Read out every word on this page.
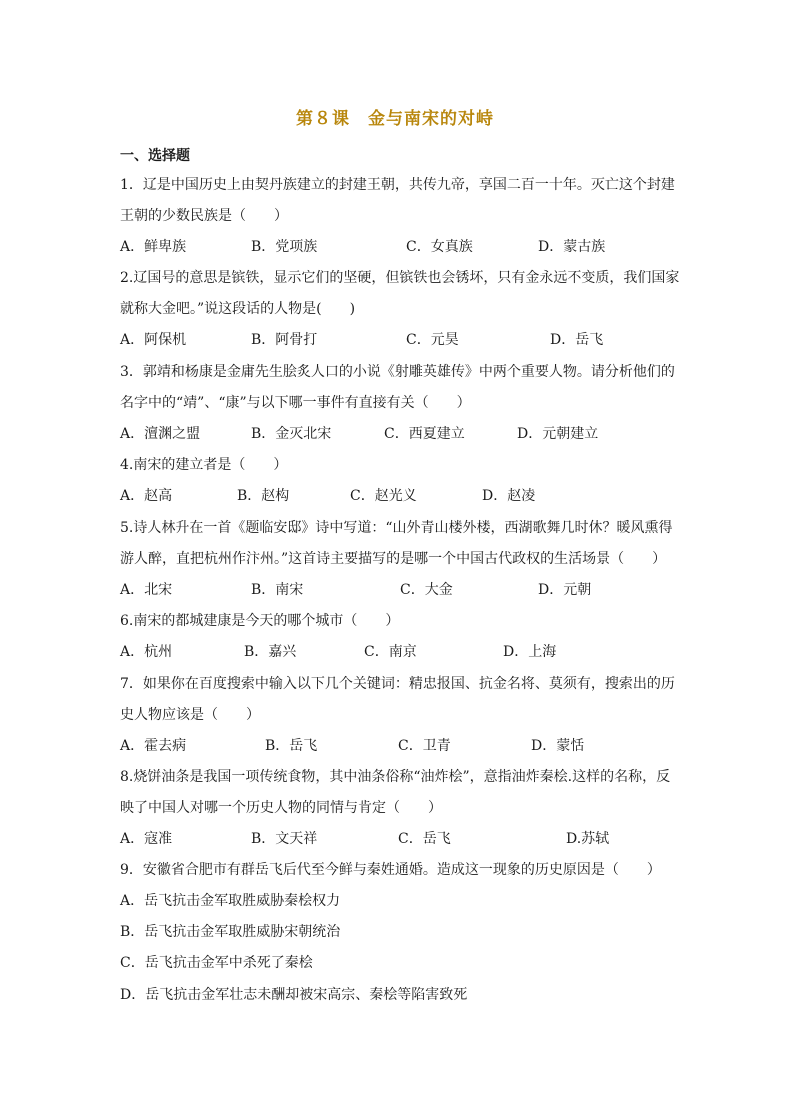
第８课　金与南宋的对峙
一、选择题
1．辽是中国历史上由契丹族建立的封建王朝，共传九帝，享国二百一十年。灭亡这个封建王朝的少数民族是（　　）
A．鲜卑族	B．党项族	C．女真族	D．蒙古族
2.辽国号的意思是镔铁，显示它们的坚硬，但镔铁也会锈坏，只有金永远不变质，我们国家就称大金吧。”说这段话的人物是(　　)
A．阿保机	B．阿骨打	C．元昊	D．岳飞
3．郭靖和杨康是金庸先生脍炙人口的小说《射雕英雄传》中两个重要人物。请分析他们的名字中的“靖”、“康”与以下哪一事件有直接有关（　　）
A．澶渊之盟	B．金灭北宋	C．西夏建立	D．元朝建立
4.南宋的建立者是（　　）
A．赵高	B．赵构	C．赵光义	D．赵凌
5.诗人林升在一首《题临安邸》诗中写道：“山外青山楼外楼，西湖歌舞几时休？暖风熏得游人醉，直把杭州作汴州。”这首诗主要描写的是哪一个中国古代政权的生活场景（　　）
A．北宋	B．南宋	C．大金	D．元朝
6.南宋的都城建康是今天的哪个城市（　　）
A．杭州	B．嘉兴	C．南京	D．上海
7．如果你在百度搜索中输入以下几个关键词：精忠报国、抗金名将、莫须有，搜索出的历史人物应该是（　　）
A．霍去病	B．岳飞	C．卫青	D．蒙恬
8.烧饼油条是我国一项传统食物，其中油条俗称“油炸桧”，意指油炸秦桧.这样的名称，反映了中国人对哪一个历史人物的同情与肯定（　　）
A．寇准	B．文天祥	C．岳飞	D.苏轼
9．安徽省合肥市有群岳飞后代至今鲜与秦姓通婚。造成这一现象的历史原因是（　　）
A．岳飞抗击金军取胜威胁秦桧权力
B．岳飞抗击金军取胜威胁宋朝统治
C．岳飞抗击金军中杀死了秦桧
D．岳飞抗击金军壮志未酬却被宋高宗、秦桧等陷害致死
